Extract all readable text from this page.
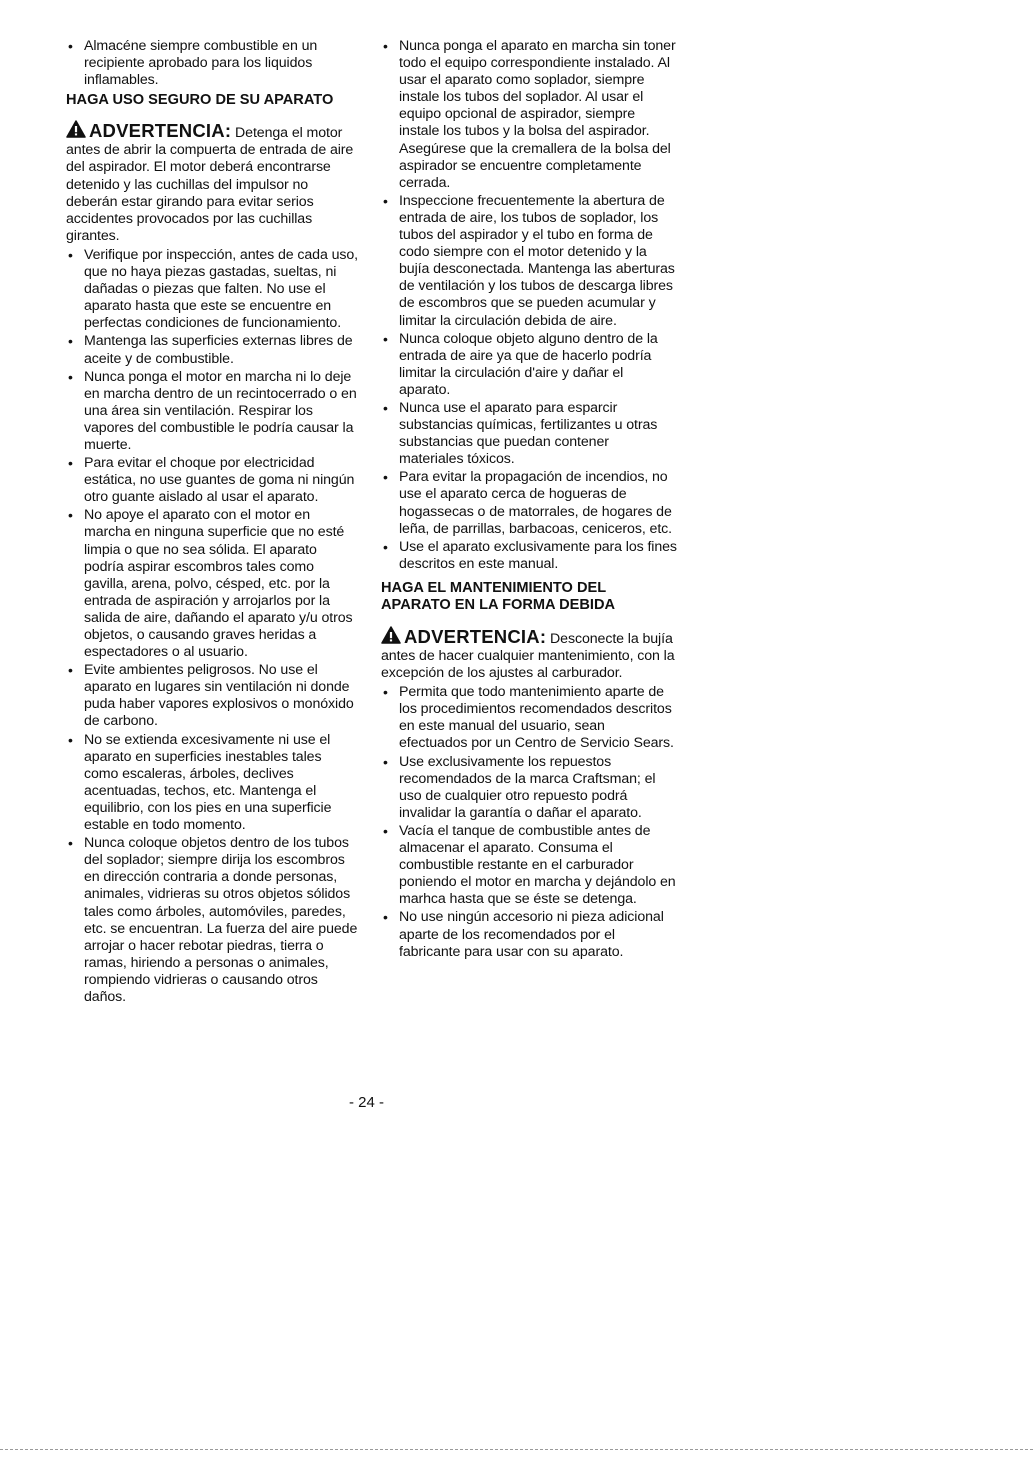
• Almacéne siempre combustible en un recipiente aprobado para los liquidos inflamables.
HAGA USO SEGURO DE SU APARATO

ADVERTENCIA: Detenga el motor antes de abrir la compuerta de entrada de aire del aspirador. El motor deberá encontrarse detenido y las cuchillas del impulsor no deberán estar girando para evitar serios accidentes provocados por las cuchillas girantes.

• Verifique por inspección, antes de cada uso, que no haya piezas gastadas, sueltas, ni dañadas o piezas que falten. No use el aparato hasta que este se encuentre en perfectas condiciones de funcionamiento.
• Mantenga las superficies externas libres de aceite y de combustible.
• Nunca ponga el motor en marcha ni lo deje en marcha dentro de un recintocerrado o en una área sin ventilación. Respirar los vapores del combustible le podría causar la muerte.
• Para evitar el choque por electricidad estática, no use guantes de goma ni ningún otro guante aislado al usar el aparato.
• No apoye el aparato con el motor en marcha en ninguna superficie que no esté limpia o que no sea sólida. El aparato podría aspirar escombros tales como gavilla, arena, polvo, césped, etc. por la entrada de aspiración y arrojarlos por la salida de aire, dañando el aparato y/u otros objetos, o causando graves heridas a espectadores o al usuario.
• Evite ambientes peligrosos. No use el aparato en lugares sin ventilación ni donde puda haber vapores explosivos o monóxido de carbono.
• No se extienda excesivamente ni use el aparato en superficies inestables tales como escaleras, árboles, declives acentuadas, techos, etc. Mantenga el equilibrio, con los pies en una superficie estable en todo momento.
• Nunca coloque objetos dentro de los tubos del soplador; siempre dirija los escombros en dirección contraria a donde personas, animales, vidrieras su otros objetos sólidos tales como árboles, automóviles, paredes, etc. se encuentran. La fuerza del aire puede arrojar o hacer rebotar piedras, tierra o ramas, hiriendo a personas o animales, rompiendo vidrieras o causando otros daños.
• Nunca ponga el aparato en marcha sin toner todo el equipo correspondiente instalado. Al usar el aparato como soplador, siempre instale los tubos del soplador. Al usar el equipo opcional de aspirador, siempre instale los tubos y la bolsa del aspirador. Asegúrese que la cremallera de la bolsa del aspirador se encuentre completamente cerrada.
• Inspeccione frecuentemente la abertura de entrada de aire, los tubos de soplador, los tubos del aspirador y el tubo en forma de codo siempre con el motor detenido y la bujía desconectada. Mantenga las aberturas de ventilación y los tubos de descarga libres de escombros que se pueden acumular y limitar la circulación debida de aire.
• Nunca coloque objeto alguno dentro de la entrada de aire ya que de hacerlo podría limitar la circulación d'aire y dañar el aparato.
• Nunca use el aparato para esparcir substancias químicas, fertilizantes u otras substancias que puedan contener materiales tóxicos.
• Para evitar la propagación de incendios, no use el aparato cerca de hogueras de hogassecas o de matorrales, de hogares de leña, de parrillas, barbacoas, ceniceros, etc.
• Use el aparato exclusivamente para los fines descritos en este manual.
HAGA EL MANTENIMIENTO DEL APARATO EN LA FORMA DEBIDA

ADVERTENCIA: Desconecte la bujía antes de hacer cualquier mantenimiento, con la excepción de los ajustes al carburador.

• Permita que todo mantenimiento aparte de los procedimientos recomendados descritos en este manual del usuario, sean efectuados por un Centro de Servicio Sears.
• Use exclusivamente los repuestos recomendados de la marca Craftsman; el uso de cualquier otro repuesto podrá invalidar la garantía o dañar el aparato.
• Vacía el tanque de combustible antes de almacenar el aparato. Consuma el combustible restante en el carburador poniendo el motor en marcha y dejándolo en marhca hasta que se éste se detenga.
• No use ningún accesorio ni pieza adicional aparte de los recomendados por el fabricante para usar con su aparato.
- 24 -
